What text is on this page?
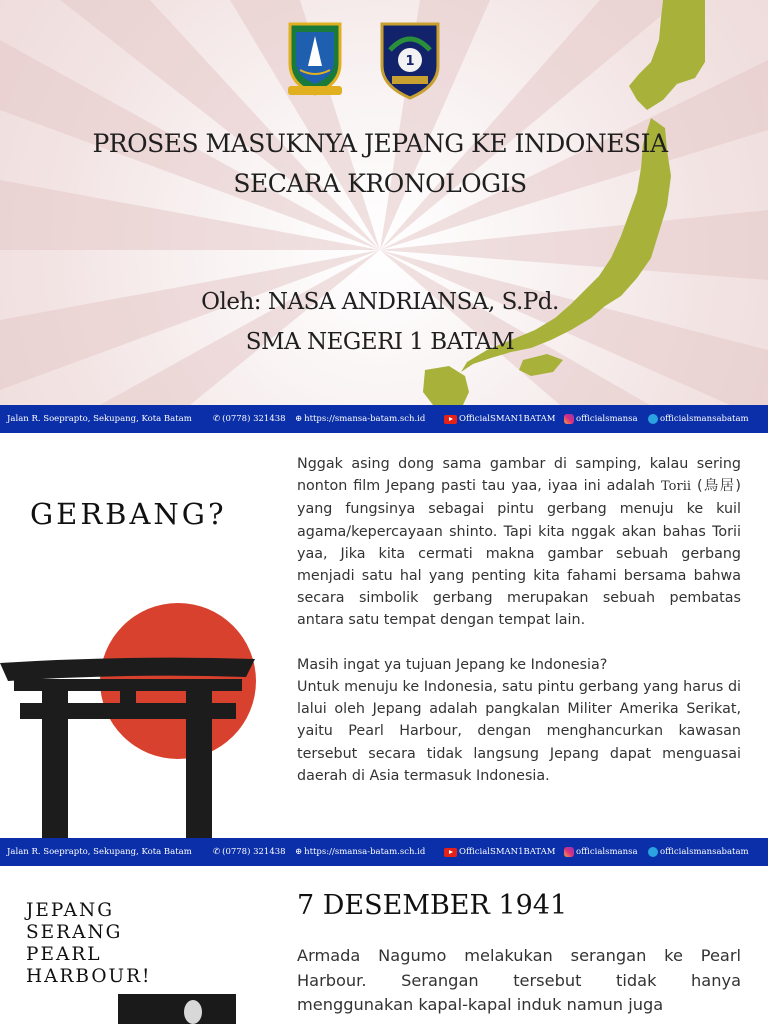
1
PROSES MASUKNYA JEPANG KE INDONESIA
SECARA KRONOLOGIS
Oleh: NASA ANDRIANSA, S.Pd.
SMA NEGERI 1 BATAM
Jalan R. Soeprapto, Sekupang, Kota Batam ✆ (0778) 321438 ⊕ https://smansa-batam.sch.id	OfficialSMAN1BATAM officialsmansa	officialsmansabatam
GERBANG?

Nggak asing dong sama gambar di samping, kalau sering nonton film Jepang pasti tau yaa, iyaa ini adalah Torii (鳥居) yang fungsinya sebagai pintu gerbang menuju ke kuil agama/kepercayaan shinto. Tapi kita nggak akan bahas Torii yaa, Jika kita cermati makna gambar sebuah gerbang menjadi satu hal yang penting kita fahami bersama bahwa secara simbolik gerbang merupakan sebuah pembatas antara satu tempat dengan tempat lain.

Masih ingat ya tujuan Jepang ke Indonesia?

Untuk menuju ke Indonesia, satu pintu gerbang yang harus di lalui oleh Jepang adalah pangkalan Militer Amerika Serikat, yaitu Pearl Harbour, dengan menghancurkan kawasan tersebut secara tidak langsung Jepang dapat menguasai daerah di Asia termasuk Indonesia.

Jalan R. Soeprapto, Sekupang, Kota Batam ✆ (0778) 321438 ⊕ https://smansa-batam.sch.id	OfficialSMAN1BATAM officialsmansa	officialsmansabatam
JEPANG
SERANG
PEARL
HARBOUR!
7 DESEMBER 1941

Armada Nagumo melakukan serangan ke Pearl Harbour. Serangan tersebut tidak hanya menggunakan kapal-kapal induk namun juga
